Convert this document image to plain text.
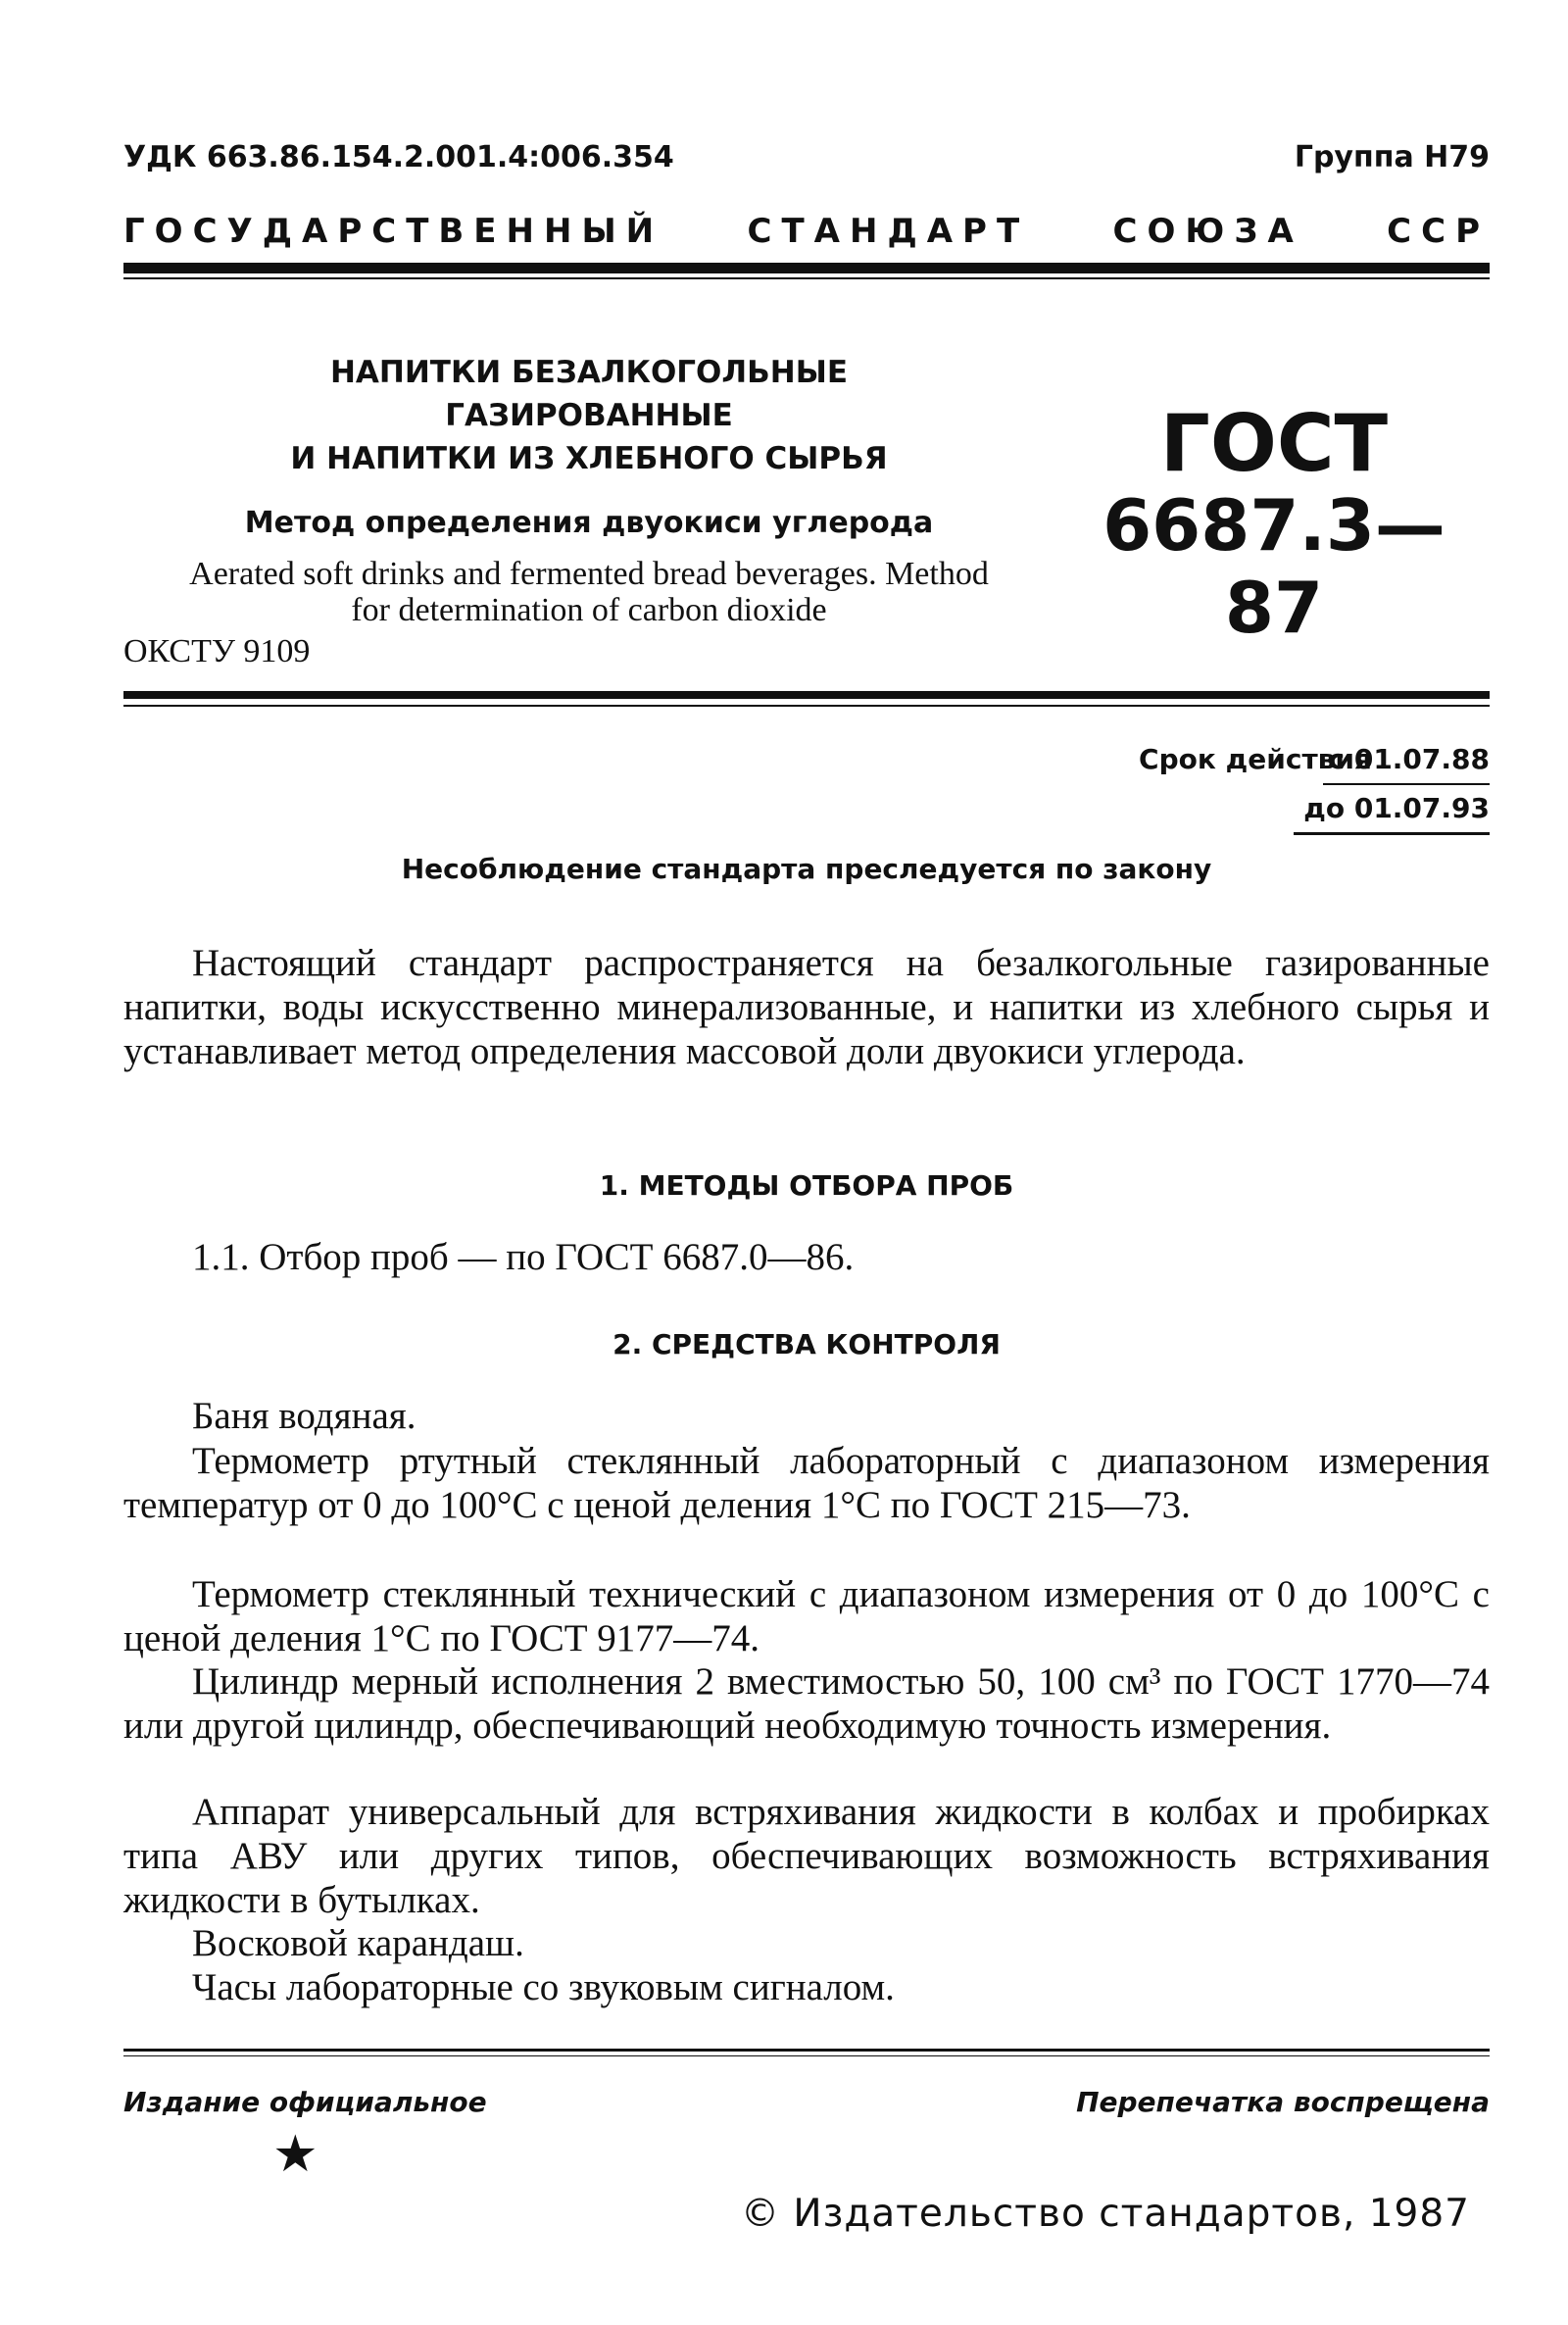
УДК 663.86.154.2.001.4:006.354	Группа Н79
ГОСУДАРСТВЕННЫЙ	СТАНДАРТ	СОЮЗА	ССР
НАПИТКИ БЕЗАЛКОГОЛЬНЫЕ ГАЗИРОВАННЫЕ
И НАПИТКИ ИЗ ХЛЕБНОГО СЫРЬЯ
Метод определения двуокиси углерода
Aerated soft drinks and fermented bread beverages. Method for determination of carbon dioxide
ГОСТ
6687.3—87
ОКСТУ 9109
Срок действия
с 01.07.88
до 01.07.93
Несоблюдение стандарта преследуется по закону
Настоящий стандарт распространяется на безалкогольные газированные напитки, воды искусственно минерализованные, и напитки из хлебного сырья и устанавливает метод определения массовой доли двуокиси углерода.
1. МЕТОДЫ ОТБОРА ПРОБ
1.1. Отбор проб — по ГОСТ 6687.0—86.
2. СРЕДСТВА КОНТРОЛЯ
Баня водяная.
Термометр ртутный стеклянный лабораторный с диапазоном измерения температур от 0 до 100°С с ценой деления 1°С по ГОСТ 215—73.
Термометр стеклянный технический с диапазоном измерения от 0 до 100°С с ценой деления 1°С по ГОСТ 9177—74.
Цилиндр мерный исполнения 2 вместимостью 50, 100 см³ по ГОСТ 1770—74 или другой цилиндр, обеспечивающий необходимую точность измерения.
Аппарат универсальный для встряхивания жидкости в колбах и пробирках типа АВУ или других типов, обеспечивающих возможность встряхивания жидкости в бутылках.
Восковой карандаш.
Часы лабораторные со звуковым сигналом.
Издание официальное	Перепечатка воспрещена
★
© Издательство стандартов, 1987
